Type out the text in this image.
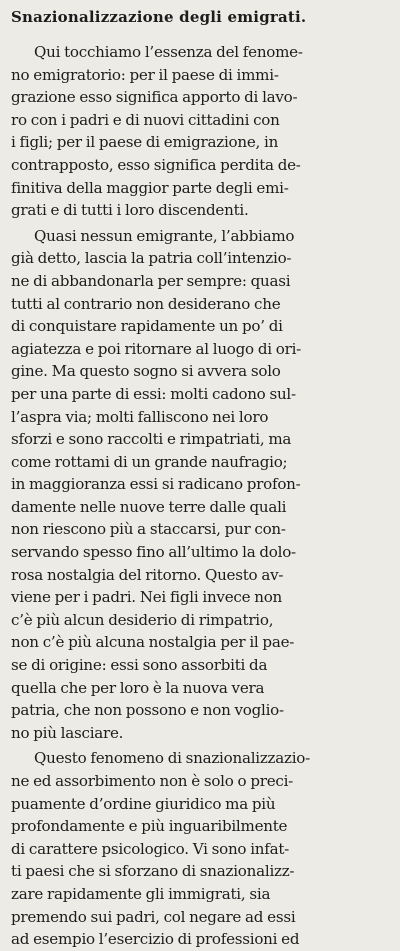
Snazionalizzazione degli emigrati.
Qui tocchiamo l’essenza del fenome-
no emigratorio: per il paese di immi-
grazione esso significa apporto di lavo-
ro con i padri e di nuovi cittadini con
i figli; per il paese di emigrazione, in
contrapposto, esso significa perdita de-
finitiva della maggior parte degli emi-
grati e di tutti i loro discendenti.
Quasi nessun emigrante, l’abbiamo
già detto, lascia la patria coll’intenzio-
ne di abbandonarla per sempre: quasi
tutti al contrario non desiderano che
di conquistare rapidamente un po’ di
agiatezza e poi ritornare al luogo di ori-
gine. Ma questo sogno si avvera solo
per una parte di essi: molti cadono sul-
l’aspra via; molti falliscono nei loro
sforzi e sono raccolti e rimpatriati, ma
come rottami di un grande naufragio;
in maggioranza essi si radicano profon-
damente nelle nuove terre dalle quali
non riescono più a staccarsi, pur con-
servando spesso fino all’ultimo la dolo-
rosa nostalgia del ritorno. Questo av-
viene per i padri. Nei figli invece non
c’è più alcun desiderio di rimpatrio,
non c’è più alcuna nostalgia per il pae-
se di origine: essi sono assorbiti da
quella che per loro è la nuova vera
patria, che non possono e non voglio-
no più lasciare.
Questo fenomeno di snazionalizzazio-
ne ed assorbimento non è solo o preci-
puamente d’ordine giuridico ma più
profondamente e più inguaribilmente
di carattere psicologico. Vi sono infat-
ti paesi che si sforzano di snazionalizz-
zare rapidamente gli immigrati, sia
premendo sui padri, col negare ad essi
ad esempio l’esercizio di professioni ed
